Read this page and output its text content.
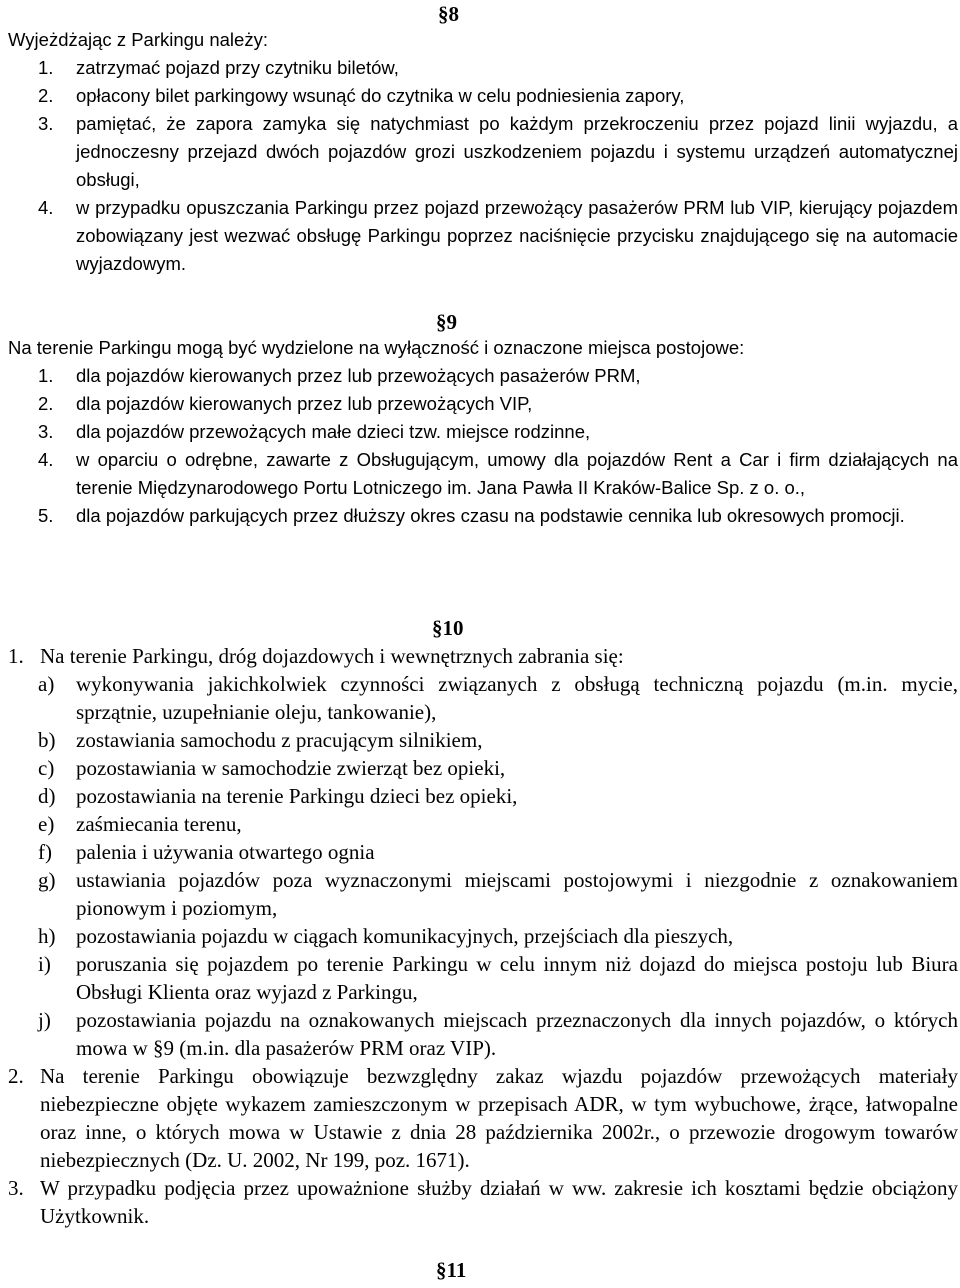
§8

Wyjeżdżając z Parkingu należy:

1. zatrzymać pojazd przy czytniku biletów,
2. opłacony bilet parkingowy wsunąć do czytnika w celu podniesienia zapory,
3. pamiętać, że zapora zamyka się natychmiast po każdym przekroczeniu przez pojazd linii wyjazdu, a jednoczesny przejazd dwóch pojazdów grozi uszkodzeniem pojazdu i systemu urządzeń automatycznej obsługi,
4. w przypadku opuszczania Parkingu przez pojazd przewożący pasażerów PRM lub VIP, kierujący pojazdem zobowiązany jest wezwać obsługę Parkingu poprzez naciśnięcie przycisku znajdującego się na automacie wyjazdowym.
§9

Na terenie Parkingu mogą być wydzielone na wyłączność i oznaczone miejsca postojowe:

1. dla pojazdów kierowanych przez lub przewożących pasażerów PRM,
2. dla pojazdów kierowanych przez lub przewożących VIP,
3. dla pojazdów przewożących małe dzieci tzw. miejsce rodzinne,
4. w oparciu o odrębne, zawarte z Obsługującym, umowy dla pojazdów Rent a Car i firm działających na terenie Międzynarodowego Portu Lotniczego im. Jana Pawła II Kraków-Balice Sp. z o. o.,
5. dla pojazdów parkujących przez dłuższy okres czasu na podstawie cennika lub okresowych promocji.
§10
1. Na terenie Parkingu, dróg dojazdowych i wewnętrznych zabrania się:
a) wykonywania jakichkolwiek czynności związanych z obsługą techniczną pojazdu (m.in. mycie, sprzątnie, uzupełnianie oleju, tankowanie),
b) zostawiania samochodu z pracującym silnikiem,
c) pozostawiania w samochodzie zwierząt bez opieki,
d) pozostawiania na terenie Parkingu dzieci bez opieki,
e) zaśmiecania terenu,
f) palenia i używania otwartego ognia
g) ustawiania pojazdów poza wyznaczonymi miejscami postojowymi i niezgodnie z oznakowaniem pionowym i poziomym,
h) pozostawiania pojazdu w ciągach komunikacyjnych, przejściach dla pieszych,
i) poruszania się pojazdem po terenie Parkingu w celu innym niż dojazd do miejsca postoju lub Biura Obsługi Klienta oraz wyjazd z Parkingu,
j) pozostawiania pojazdu na oznakowanych miejscach przeznaczonych dla innych pojazdów, o których mowa w §9 (m.in. dla pasażerów PRM oraz VIP).
2. Na terenie Parkingu obowiązuje bezwzględny zakaz wjazdu pojazdów przewożących materiały niebezpieczne objęte wykazem zamieszczonym w przepisach ADR, w tym wybuchowe, żrące, łatwopalne oraz inne, o których mowa w Ustawie z dnia 28 października 2002r., o przewozie drogowym towarów niebezpiecznych (Dz. U. 2002, Nr 199, poz. 1671).
3. W przypadku podjęcia przez upoważnione służby działań w ww. zakresie ich kosztami będzie obciążony Użytkownik.
§11
